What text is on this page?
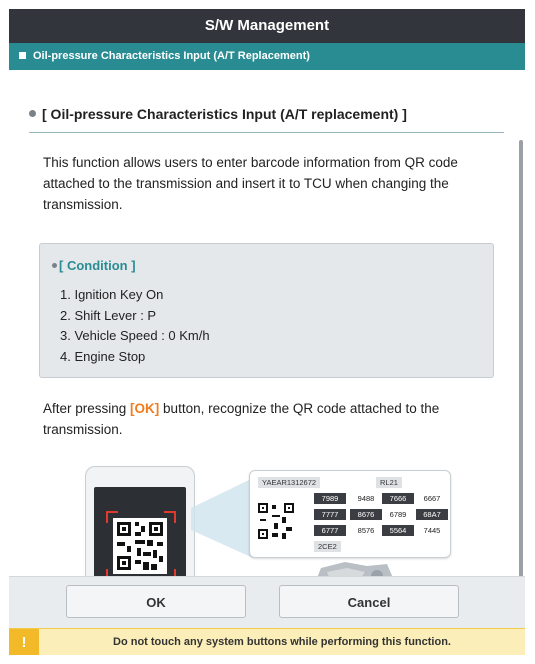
S/W Management
Oil-pressure Characteristics Input (A/T Replacement)
[ Oil-pressure Characteristics Input (A/T replacement) ]
This function allows users to enter barcode information from QR code attached to the transmission and insert it to TCU when changing the transmission.
[ Condition ]
1. Ignition Key On
2. Shift Lever : P
3. Vehicle Speed : 0 Km/h
4. Engine Stop
After pressing [OK] button, recognize the QR code attached to the transmission.
YAEAR1312672	RL21
7989	9488	7666	6667
7777	8676	6789	68A7
6777	8576	5564	7445
2CE2
OK	Cancel
!	Do not touch any system buttons while performing this function.
